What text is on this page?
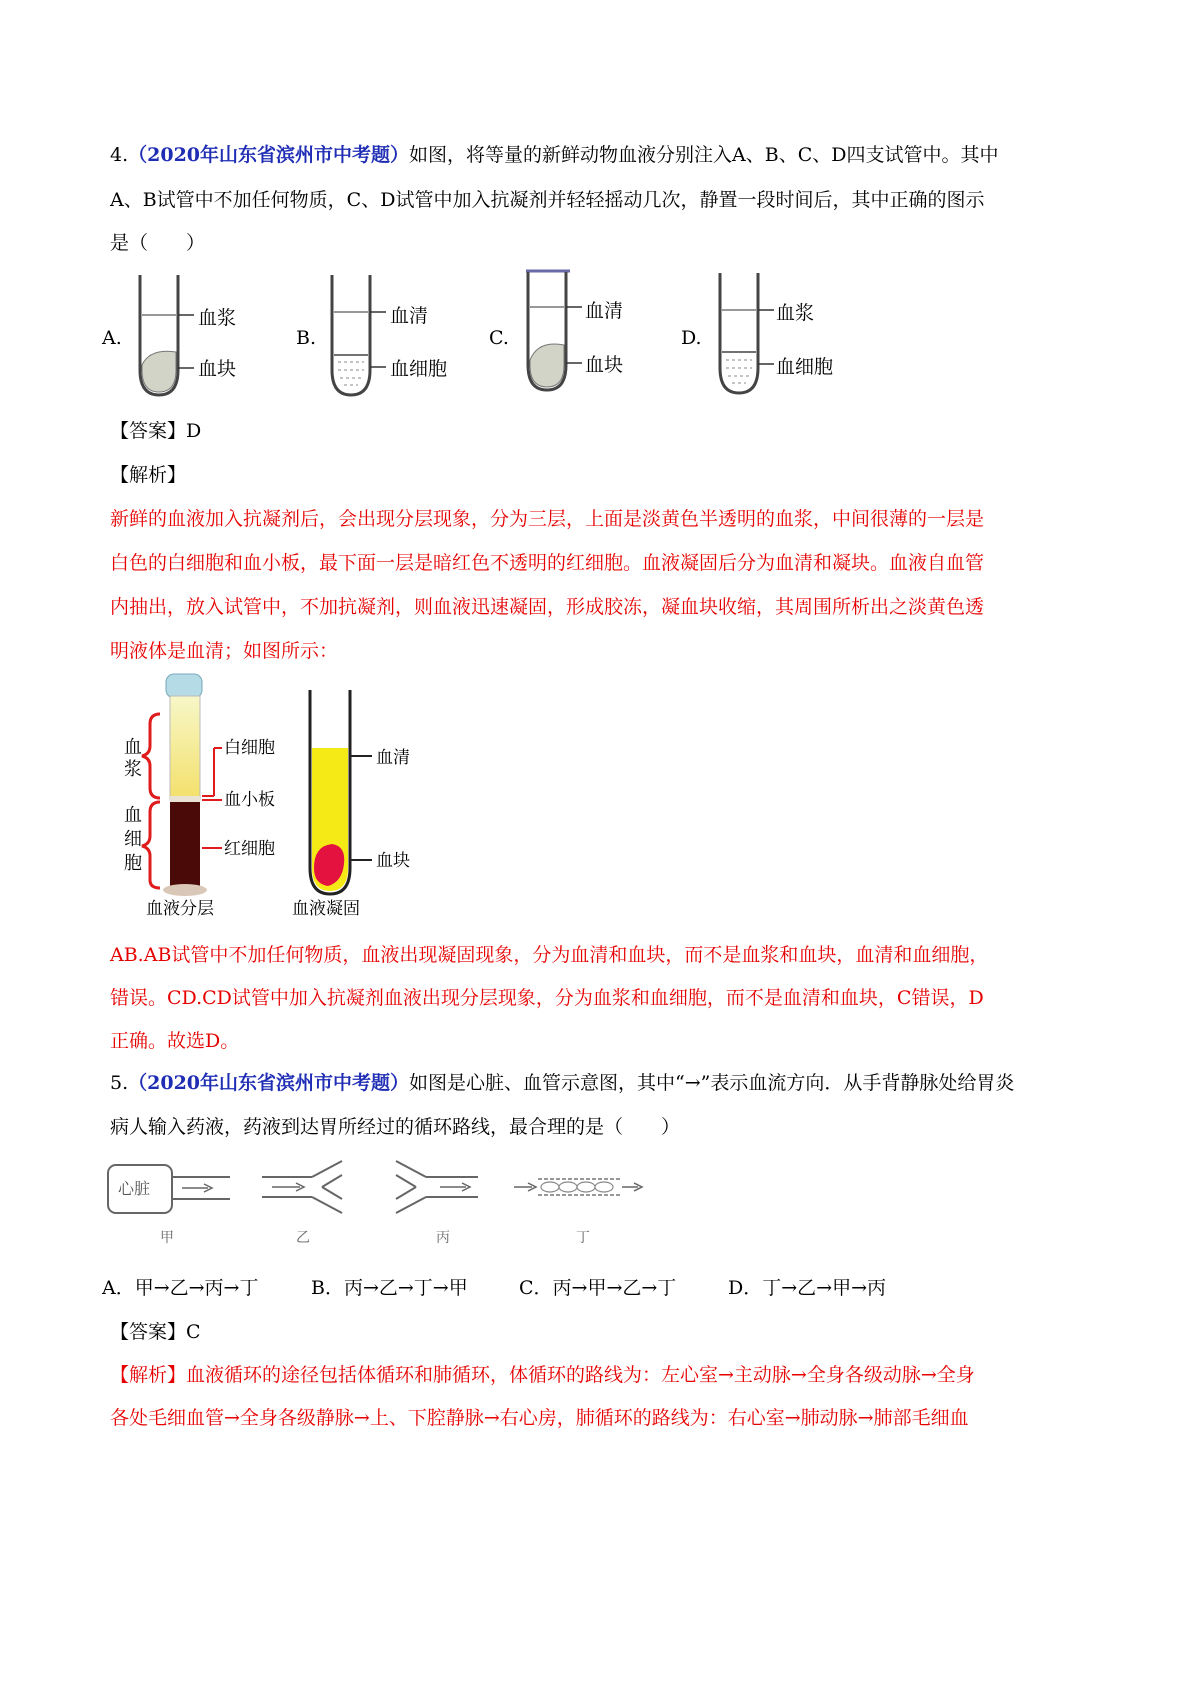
4.（2020年山东省滨州市中考题）如图，将等量的新鲜动物血液分别注入A、B、C、D四支试管中。其中
A、B试管中不加任何物质，C、D试管中加入抗凝剂并轻轻摇动几次，静置一段时间后，其中正确的图示
是（　　）
A.
血浆
血块
B.
血清
血细胞
C.
血清
血块
D.
血浆
血细胞
【答案】D
【解析】
新鲜的血液加入抗凝剂后，会出现分层现象，分为三层，上面是淡黄色半透明的血浆，中间很薄的一层是
白色的白细胞和血小板，最下面一层是暗红色不透明的红细胞。血液凝固后分为血清和凝块。血液自血管
内抽出，放入试管中，不加抗凝剂，则血液迅速凝固，形成胶冻，凝血块收缩，其周围所析出之淡黄色透
明液体是血清；如图所示：
血
浆
血
细
胞
白细胞
血小板
红细胞
血清
血块
血液分层	血液凝固
AB.AB试管中不加任何物质，血液出现凝固现象，分为血清和血块，而不是血浆和血块，血清和血细胞，
错误。CD.CD试管中加入抗凝剂血液出现分层现象，分为血浆和血细胞，而不是血清和血块，C错误，D
正确。故选D。
5.（2020年山东省滨州市中考题）如图是心脏、血管示意图，其中“→”表示血流方向．从手背静脉处给胃炎
病人输入药液，药液到达胃所经过的循环路线，最合理的是（　　）
心脏
甲	乙	丙	丁
A．甲→乙→丙→丁	B．丙→乙→丁→甲	C．丙→甲→乙→丁	D．丁→乙→甲→丙
【答案】C
【解析】血液循环的途径包括体循环和肺循环，体循环的路线为：左心室→主动脉→全身各级动脉→全身
各处毛细血管→全身各级静脉→上、下腔静脉→右心房，肺循环的路线为：右心室→肺动脉→肺部毛细血
